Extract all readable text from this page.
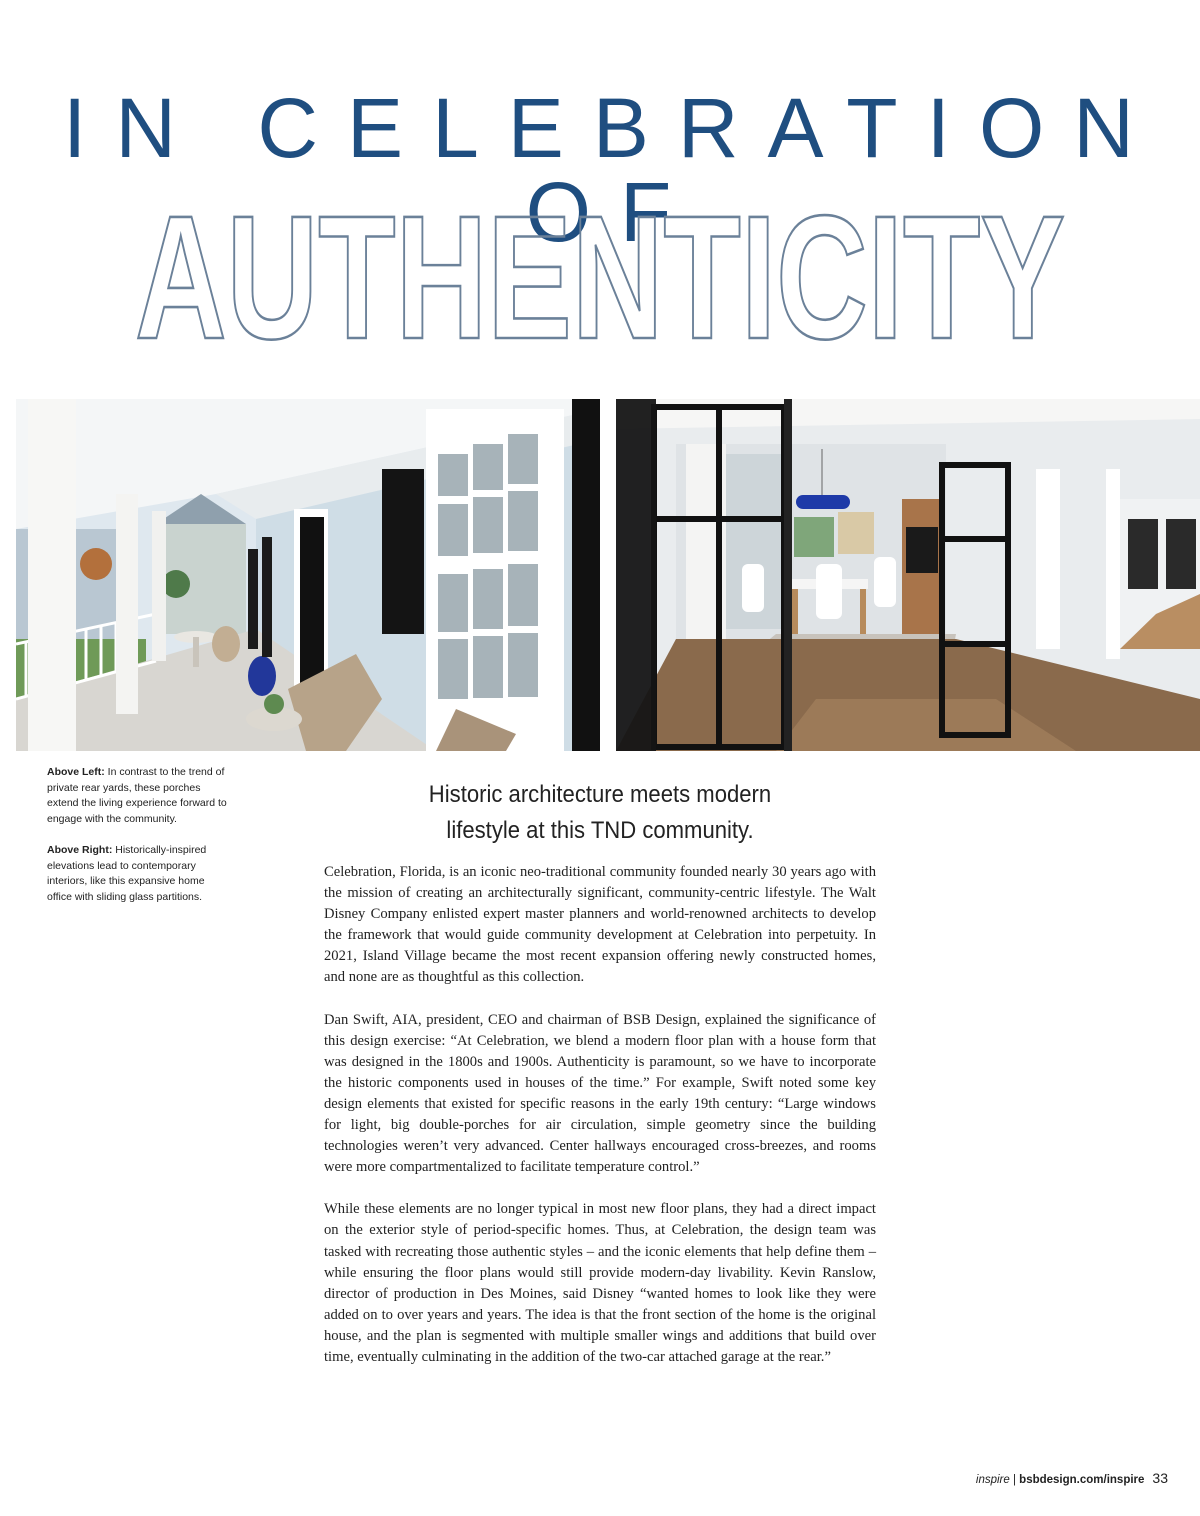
IN CELEBRATION OF
AUTHENTICITY

Above Left: In contrast to the trend of private rear yards, these porches extend the living experience forward to engage with the community.

Above Right: Historically-inspired elevations lead to contemporary interiors, like this expansive home office with sliding glass partitions.

Historic architecture meets modern
lifestyle at this TND community.

Celebration, Florida, is an iconic neo-traditional community founded nearly 30 years ago with the mission of creating an architecturally significant, community-centric lifestyle. The Walt Disney Company enlisted expert master planners and world-renowned architects to develop the framework that would guide community development at Celebration into perpetuity. In 2021, Island Village became the most recent expansion offering newly constructed homes, and none are as thoughtful as this collection.

Dan Swift, AIA, president, CEO and chairman of BSB Design, explained the significance of this design exercise: “At Celebration, we blend a modern floor plan with a house form that was designed in the 1800s and 1900s. Authenticity is paramount, so we have to incorporate the historic components used in houses of the time.” For example, Swift noted some key design elements that existed for specific reasons in the early 19th century: “Large windows for light, big double-porches for air circulation, simple geometry since the building technologies weren’t very advanced. Center hallways encouraged cross-breezes, and rooms were more compartmentalized to facilitate temperature control.”

While these elements are no longer typical in most new floor plans, they had a direct impact on the exterior style of period-specific homes. Thus, at Celebration, the design team was tasked with recreating those authentic styles – and the iconic elements that help define them – while ensuring the floor plans would still provide modern-day livability. Kevin Ranslow, director of production in Des Moines, said Disney “wanted homes to look like they were added on to over years and years. The idea is that the front section of the home is the original house, and the plan is segmented with multiple smaller wings and additions that build over time, eventually culminating in the addition of the two-car attached garage at the rear.”

inspire | bsbdesign.com/inspire 33
